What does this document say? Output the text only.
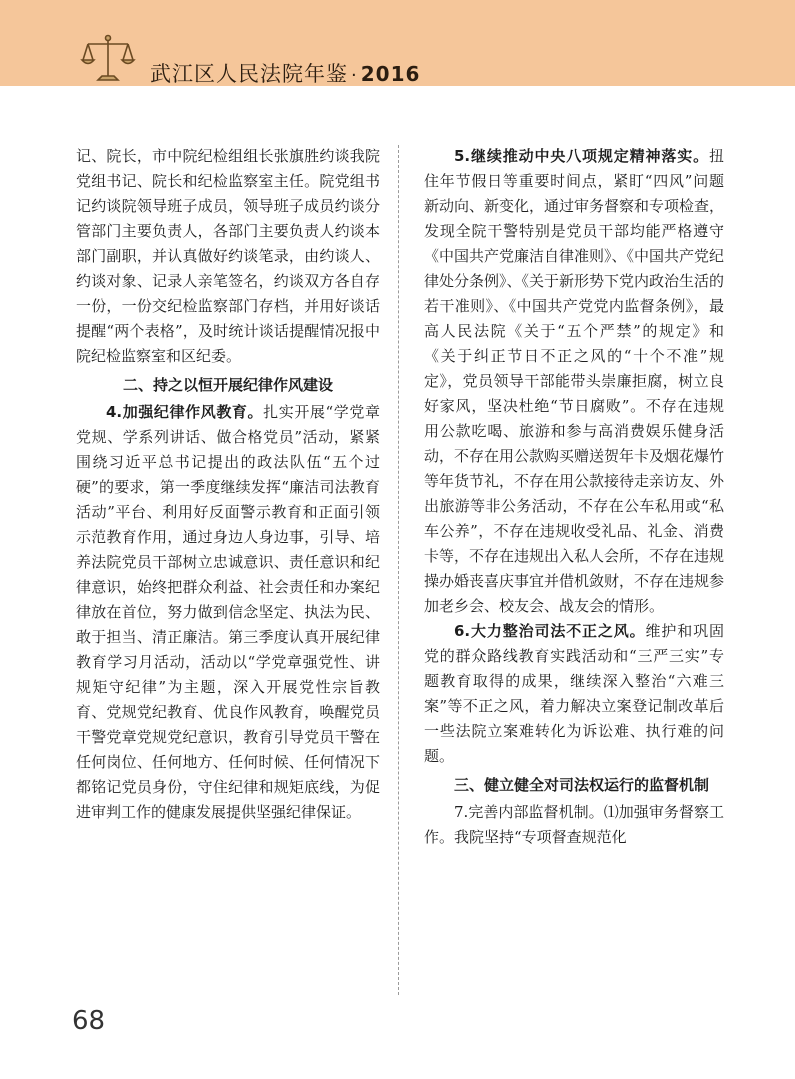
武江区人民法院年鉴 · 2016

记、院长，市中院纪检组组长张旗胜约谈我院党组书记、院长和纪检监察室主任。院党组书记约谈院领导班子成员，领导班子成员约谈分管部门主要负责人，各部门主要负责人约谈本部门副职，并认真做好约谈笔录，由约谈人、约谈对象、记录人亲笔签名，约谈双方各自存一份，一份交纪检监察部门存档，并用好谈话提醒“两个表格”，及时统计谈话提醒情况报中院纪检监察室和区纪委。

二、持之以恒开展纪律作风建设

4.加强纪律作风教育。扎实开展“学党章党规、学系列讲话、做合格党员”活动，紧紧围绕习近平总书记提出的政法队伍“五个过硬”的要求，第一季度继续发挥“廉洁司法教育活动”平台、利用好反面警示教育和正面引领示范教育作用，通过身边人身边事，引导、培养法院党员干部树立忠诚意识、责任意识和纪律意识，始终把群众利益、社会责任和办案纪律放在首位，努力做到信念坚定、执法为民、敢于担当、清正廉洁。第三季度认真开展纪律教育学习月活动，活动以“学党章强党性、讲规矩守纪律”为主题，深入开展党性宗旨教育、党规党纪教育、优良作风教育，唤醒党员干警党章党规党纪意识，教育引导党员干警在任何岗位、任何地方、任何时候、任何情况下都铭记党员身份，守住纪律和规矩底线，为促进审判工作的健康发展提供坚强纪律保证。

5.继续推动中央八项规定精神落实。扭住年节假日等重要时间点，紧盯“四风”问题新动向、新变化，通过审务督察和专项检查，发现全院干警特别是党员干部均能严格遵守《中国共产党廉洁自律准则》、《中国共产党纪律处分条例》、《关于新形势下党内政治生活的若干准则》、《中国共产党党内监督条例》，最高人民法院《关于“五个严禁”的规定》和《关于纠正节日不正之风的“十个不准”规定》，党员领导干部能带头崇廉拒腐，树立良好家风，坚决杜绝“节日腐败”。不存在违规用公款吃喝、旅游和参与高消费娱乐健身活动，不存在用公款购买赠送贺年卡及烟花爆竹等年货节礼，不存在用公款接待走亲访友、外出旅游等非公务活动，不存在公车私用或“私车公养”，不存在违规收受礼品、礼金、消费卡等，不存在违规出入私人会所，不存在违规操办婚丧喜庆事宜并借机敛财，不存在违规参加老乡会、校友会、战友会的情形。

6.大力整治司法不正之风。维护和巩固党的群众路线教育实践活动和“三严三实”专题教育取得的成果，继续深入整治“六难三案”等不正之风，着力解决立案登记制改革后一些法院立案难转化为诉讼难、执行难的问题。

三、健立健全对司法权运行的监督机制

7.完善内部监督机制。⑴加强审务督察工作。我院坚持“专项督查规范化

68
